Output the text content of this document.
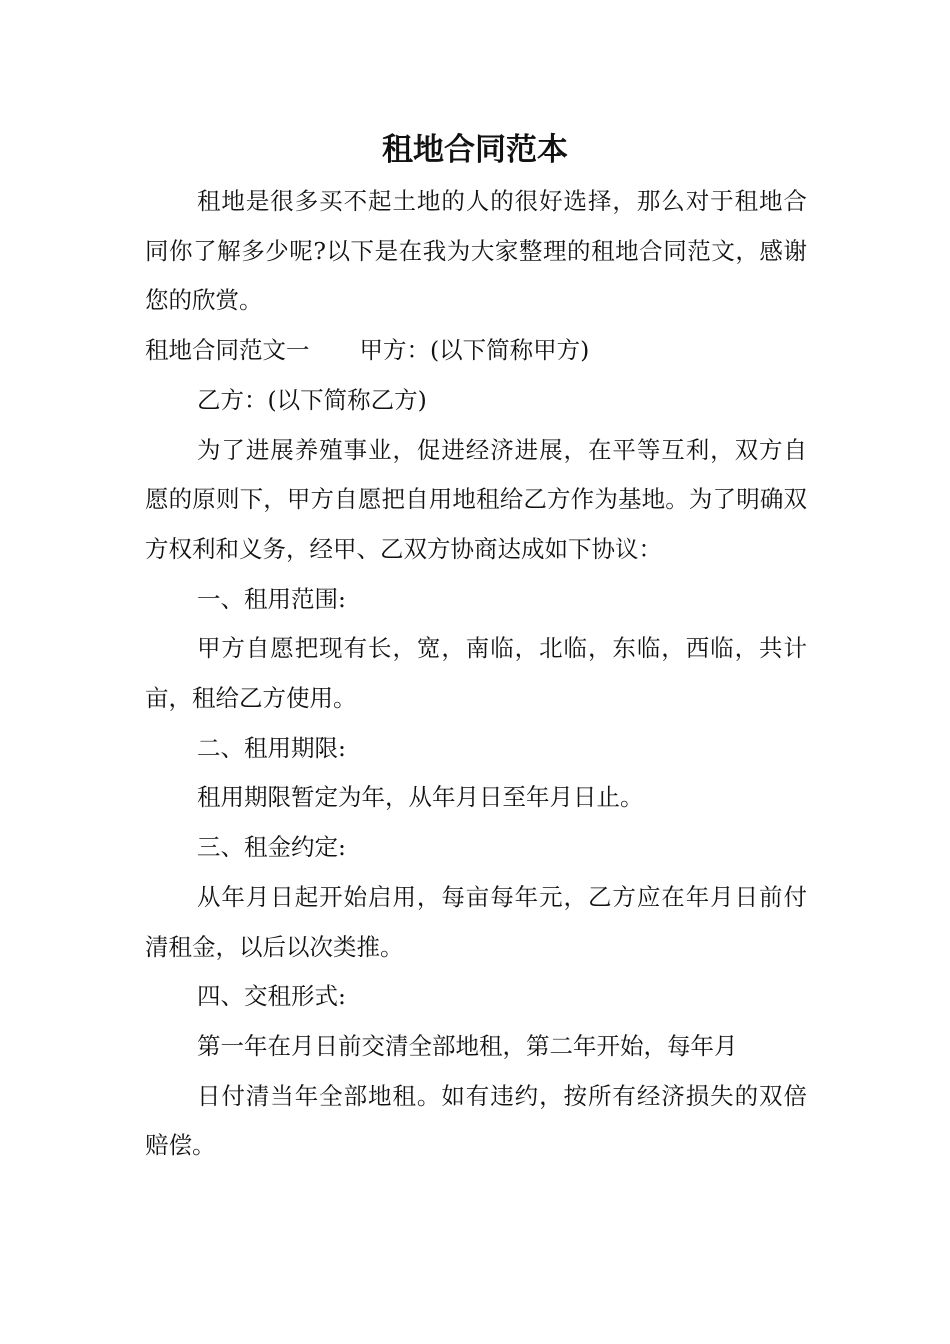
租地合同范本

租地是很多买不起土地的人的很好选择，那么对于租地合同你了解多少呢?以下是在我为大家整理的租地合同范文，感谢您的欣赏。

租地合同范文一 甲方：(以下简称甲方)

乙方：(以下简称乙方)

为了进展养殖事业，促进经济进展，在平等互利，双方自愿的原则下，甲方自愿把自用地租给乙方作为基地。为了明确双方权利和义务，经甲、乙双方协商达成如下协议：

一、租用范围:

甲方自愿把现有长，宽，南临，北临，东临，西临，共计 亩，租给乙方使用。

二、租用期限:

租用期限暂定为年，从年月日至年月日止。

三、租金约定:

从年月日起开始启用，每亩每年元，乙方应在年月日前付清租金，以后以次类推。

四、交租形式:

第一年在月日前交清全部地租，第二年开始，每年月

日付清当年全部地租。如有违约，按所有经济损失的双倍赔偿。
